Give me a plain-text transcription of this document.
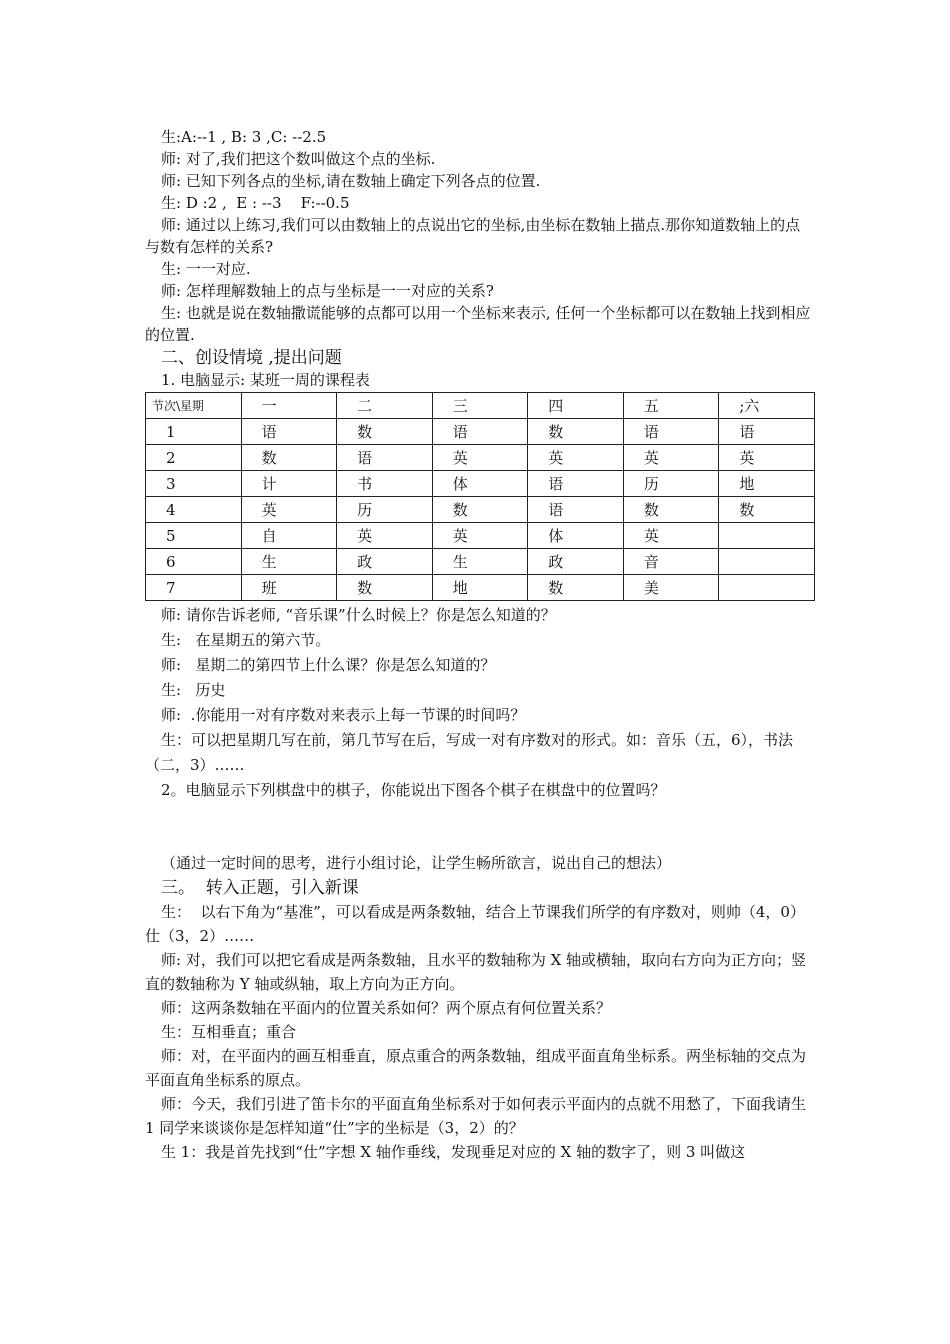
生:A:--1 , B: 3 ,C: --2.5

师: 对了,我们把这个数叫做这个点的坐标.

师: 已知下列各点的坐标,请在数轴上确定下列各点的位置.

生: D :2 ,  E : --3    F:--0.5

师: 通过以上练习,我们可以由数轴上的点说出它的坐标,由坐标在数轴上描点.那你知道数轴上的点与数有怎样的关系?

生: 一一对应.

师: 怎样理解数轴上的点与坐标是一一对应的关系?

生: 也就是说在数轴撒谎能够的点都可以用一个坐标来表示, 任何一个坐标都可以在数轴上找到相应的位置.

二、创设情境 ,提出问题

1. 电脑显示: 某班一周的课程表

节次\星期	一	二	三	四	五	;六
1	语	数	语	数	语	语
2	数	语	英	英	英	英
3	计	书	体	语	历	地
4	英	历	数	语	数	数
5	自	英	英	体	英	
6	生	政	生	政	音	
7	班	数	地	数	美	

师: 请你告诉老师, “音乐课”什么时候上？你是怎么知道的？

生:   在星期五的第六节。

师:   星期二的第四节上什么课？你是怎么知道的？

生:   历史

师:  .你能用一对有序数对来表示上每一节课的时间吗？

生：可以把星期几写在前，第几节写在后，写成一对有序数对的形式。如：音乐（五，6），书法（二，3）……

2。电脑显示下列棋盘中的棋子，你能说出下图各个棋子在棋盘中的位置吗？

（通过一定时间的思考，进行小组讨论，让学生畅所欲言，说出自己的想法）

三。  转入正题，引入新课

生：  以右下角为“基准”，可以看成是两条数轴，结合上节课我们所学的有序数对，则帅（4，0）仕（3，2）……

师: 对，我们可以把它看成是两条数轴，且水平的数轴称为 X 轴或横轴，取向右方向为正方向；竖直的数轴称为 Y 轴或纵轴，取上方向为正方向。

师：这两条数轴在平面内的位置关系如何？两个原点有何位置关系？

生：互相垂直；重合

师：对，在平面内的画互相垂直，原点重合的两条数轴，组成平面直角坐标系。两坐标轴的交点为平面直角坐标系的原点。

师：今天，我们引进了笛卡尔的平面直角坐标系对于如何表示平面内的点就不用愁了，下面我请生 1 同学来谈谈你是怎样知道“仕”字的坐标是（3，2）的？

生 1：我是首先找到“仕”字想 X 轴作垂线，发现垂足对应的 X 轴的数字了，则 3 叫做这
